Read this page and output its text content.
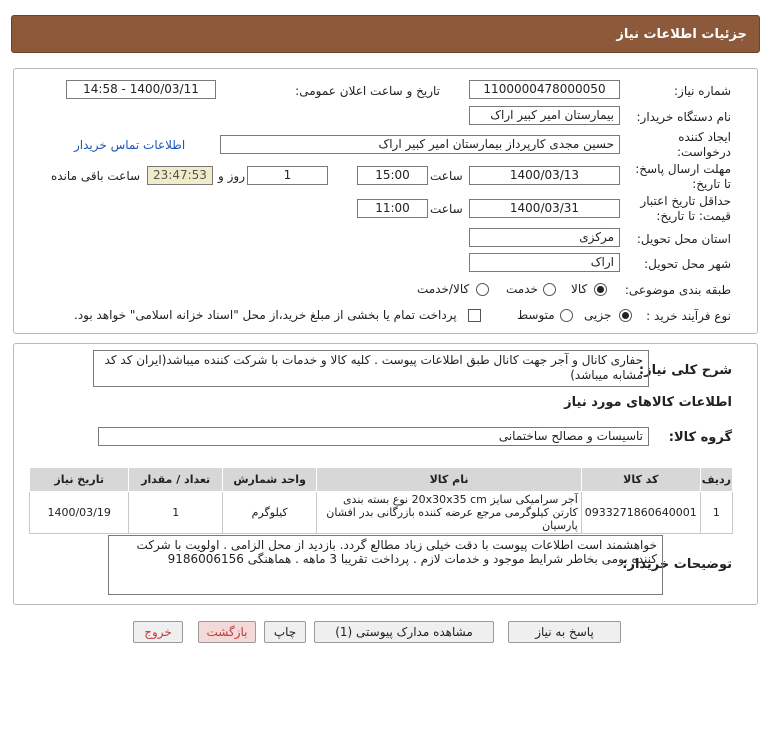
جزئیات اطلاعات نیاز
شماره نیاز:
1100000478000050
تاریخ و ساعت اعلان عمومی:
1400/03/11 - 14:58
نام دستگاه خریدار:
بیمارستان امیر کبیر اراک
ایجاد کننده
درخواست:
حسین مجدی کارپرداز بیمارستان امیر کبیر اراک
اطلاعات تماس خریدار
مهلت ارسال پاسخ:
تا تاریخ:
1400/03/13
ساعت
15:00
1
روز و
23:47:53
ساعت باقی مانده
حداقل تاریخ اعتبار
قیمت: تا تاریخ:
1400/03/31
ساعت
11:00
استان محل تحویل:
مرکزی
شهر محل تحویل:
اراک
طبقه بندی موضوعی:
کالا
خدمت
کالا/خدمت
نوع فرآیند خرید :
جزیی
متوسط
پرداخت تمام یا بخشی از مبلغ خرید،از محل "اسناد خزانه اسلامی" خواهد بود.
شرح کلی نیاز:
حفاری کانال و آجر جهت کانال طبق اطلاعات پیوست . کلیه کالا و خدمات با شرکت کننده میباشد(ایران کد کد مشابه میباشد)
اطلاعات کالاهای مورد نیاز
گروه کالا:
تاسیسات و مصالح ساختمانی
ردیف	کد کالا	نام کالا	واحد شمارش	تعداد / مقدار	تاریخ نیاز
1	0933271860640001	آجر سرامیکی سایز 20x30x35 cm نوع بسته بندی کارتن کیلوگرمی مرجع عرضه کننده بازرگانی بدر افشان پارسیان	کیلوگرم	1	1400/03/19
توضیحات خریدار:
خواهشمند است اطلاعات پیوست با دقت خیلی زیاد مطالع گردد. بازدید از محل الزامی . اولویت با شرکت کننده بومی بخاطر شرایط موجود و خدمات لازم . پرداخت تقریبا 3 ماهه . هماهنگی 9186006156
پاسخ به نیاز
مشاهده مدارک پیوستی (1)
چاپ
بازگشت
خروج
